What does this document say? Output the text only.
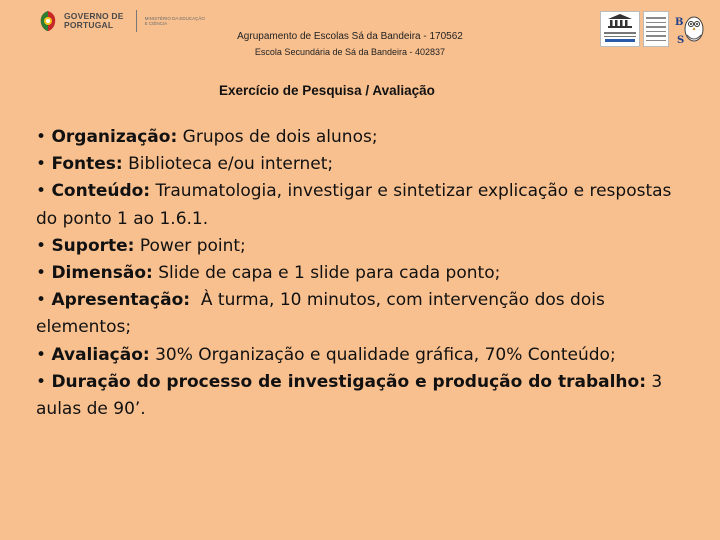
GOVERNO DE
PORTUGAL
MINISTÉRIO DA EDUCAÇÃO E CIÊNCIA
Agrupamento de Escolas Sá da Bandeira - 170562
Escola Secundária de Sá da Bandeira - 402837
B
S
Exercício de Pesquisa / Avaliação

• Organização: Grupos de dois alunos;

• Fontes: Biblioteca e/ou internet;

• Conteúdo: Traumatologia, investigar e sintetizar explicação e respostas do ponto 1 ao 1.6.1.

• Suporte: Power point;

• Dimensão: Slide de capa e 1 slide para cada ponto;

• Apresentação:  À turma, 10 minutos, com intervenção dos dois elementos;

• Avaliação: 30% Organização e qualidade gráfica, 70% Conteúdo;

• Duração do processo de investigação e produção do trabalho: 3 aulas de 90’.
